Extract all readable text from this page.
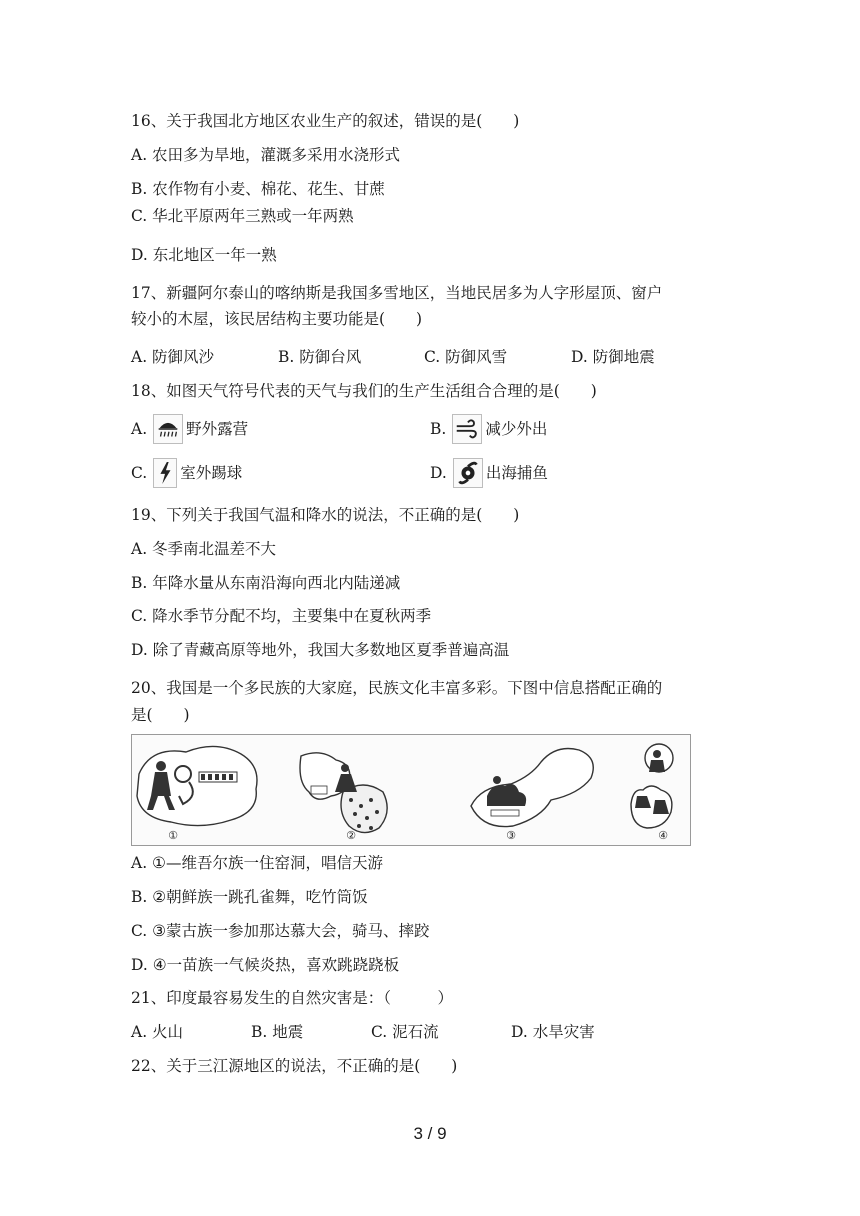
16、关于我国北方地区农业生产的叙述，错误的是(　　)
A. 农田多为旱地，灌溉多采用水浇形式
B. 农作物有小麦、棉花、花生、甘蔗
C. 华北平原两年三熟或一年两熟
D. 东北地区一年一熟
17、新疆阿尔泰山的喀纳斯是我国多雪地区，当地民居多为人字形屋顶、窗户
较小的木屋，该民居结构主要功能是(　　)
A. 防御风沙	B. 防御台风	C. 防御风雪	D. 防御地震
18、如图天气符号代表的天气与我们的生产生活组合合理的是(　　)
A.	野外露营	B.	减少外出
C. 室外踢球	D.	出海捕鱼
19、下列关于我国气温和降水的说法，不正确的是(　　)
A. 冬季南北温差不大
B. 年降水量从东南沿海向西北内陆递减
C. 降水季节分配不均，主要集中在夏秋两季
D. 除了青藏高原等地外，我国大多数地区夏季普遍高温
20、我国是一个多民族的大家庭，民族文化丰富多彩。下图中信息搭配正确的
是(　　)
①	②	③	④
A. ①—维吾尔族一住窑洞，唱信天游
B. ②朝鲜族一跳孔雀舞，吃竹筒饭
C. ③蒙古族一参加那达慕大会，骑马、摔跤
D. ④一苗族一气候炎热，喜欢跳跷跷板
21、印度最容易发生的自然灾害是：（　　　）
A. 火山	B. 地震	C. 泥石流	D. 水旱灾害
22、关于三江源地区的说法，不正确的是(　　)
3 / 9
